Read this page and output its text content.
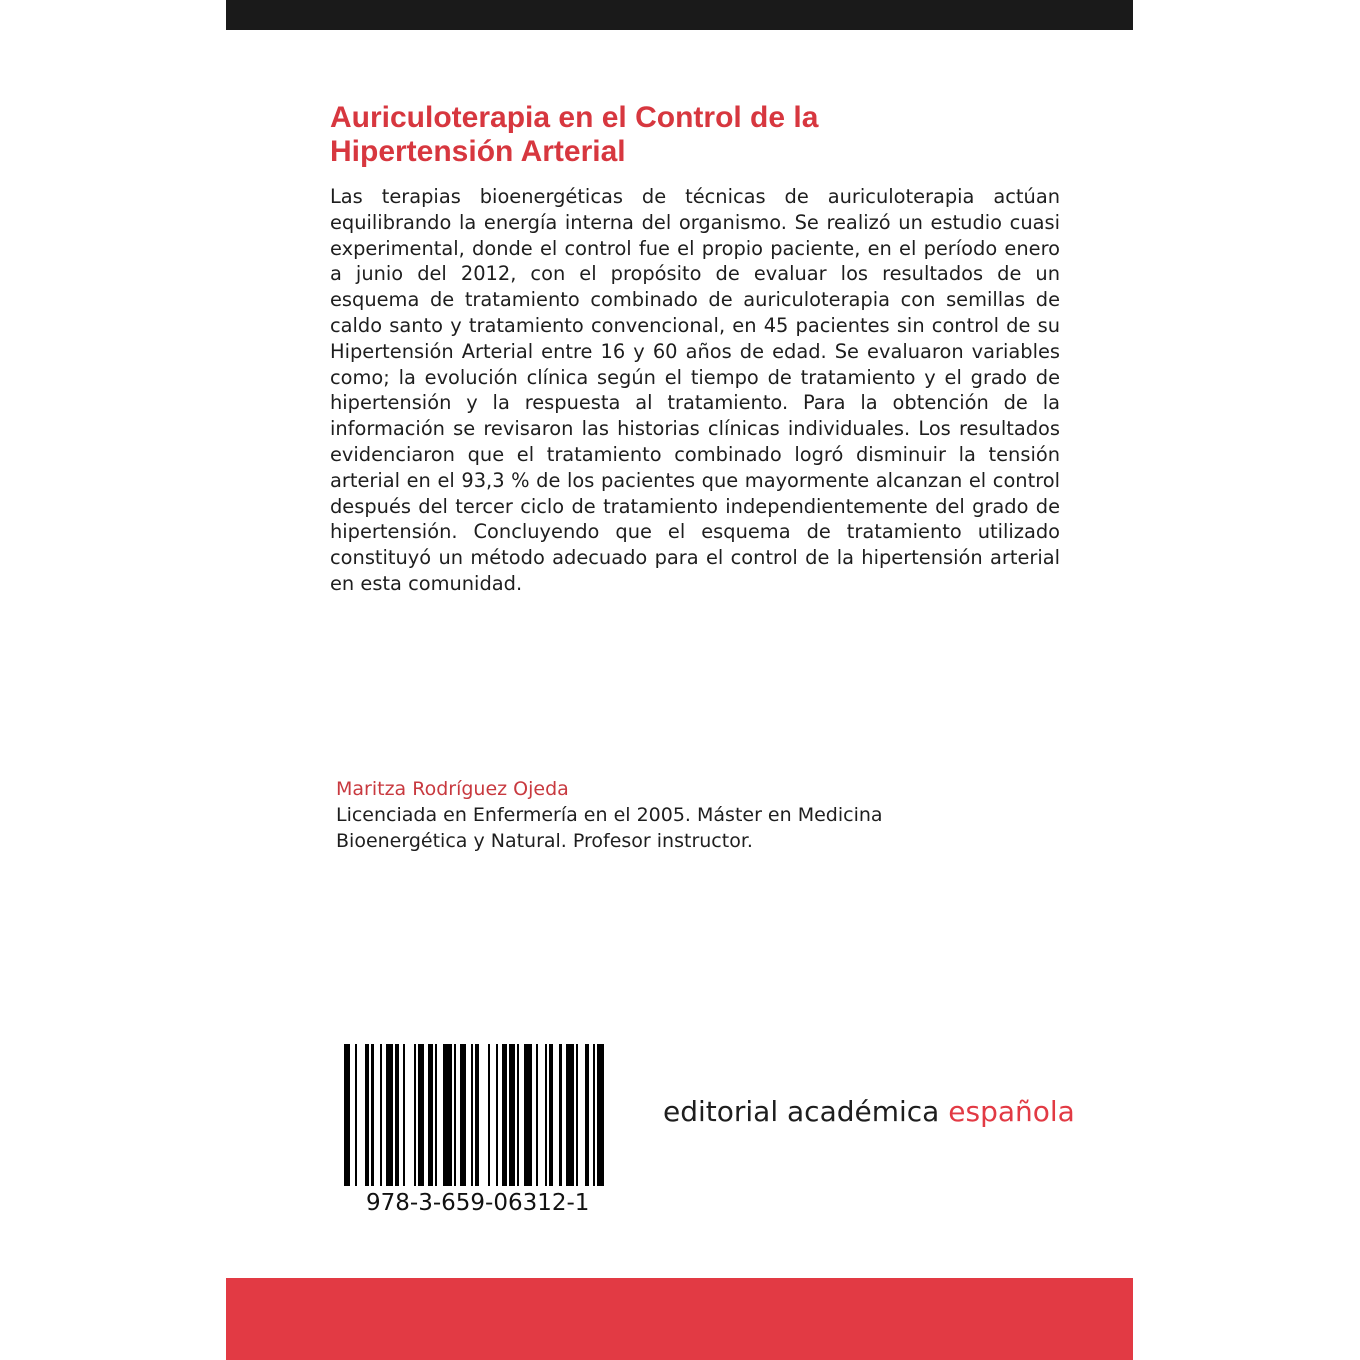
Auriculoterapia en el Control de la Hipertensión Arterial

Las terapias bioenergéticas de técnicas de auriculoterapia actúan equilibrando la energía interna del organismo. Se realizó un estudio cuasi experimental, donde el control fue el propio paciente, en el período enero a junio del 2012, con el propósito de evaluar los resultados de un esquema de tratamiento combinado de auriculoterapia con semillas de caldo santo y tratamiento convencional, en 45 pacientes sin control de su Hipertensión Arterial entre 16 y 60 años de edad. Se evaluaron variables como; la evolución clínica según el tiempo de tratamiento y el grado de hipertensión y la respuesta al tratamiento. Para la obtención de la información se revisaron las historias clínicas individuales. Los resultados evidenciaron que el tratamiento combinado logró disminuir la tensión arterial en el 93,3 % de los pacientes que mayormente alcanzan el control después del tercer ciclo de tratamiento independientemente del grado de hipertensión. Concluyendo que el esquema de tratamiento utilizado constituyó un método adecuado para el control de la hipertensión arterial en esta comunidad.

Maritza Rodríguez Ojeda

Licenciada en Enfermería en el 2005. Máster en Medicina Bioenergética y Natural. Profesor instructor.

978-3-659-06312-1
editorial académica española
